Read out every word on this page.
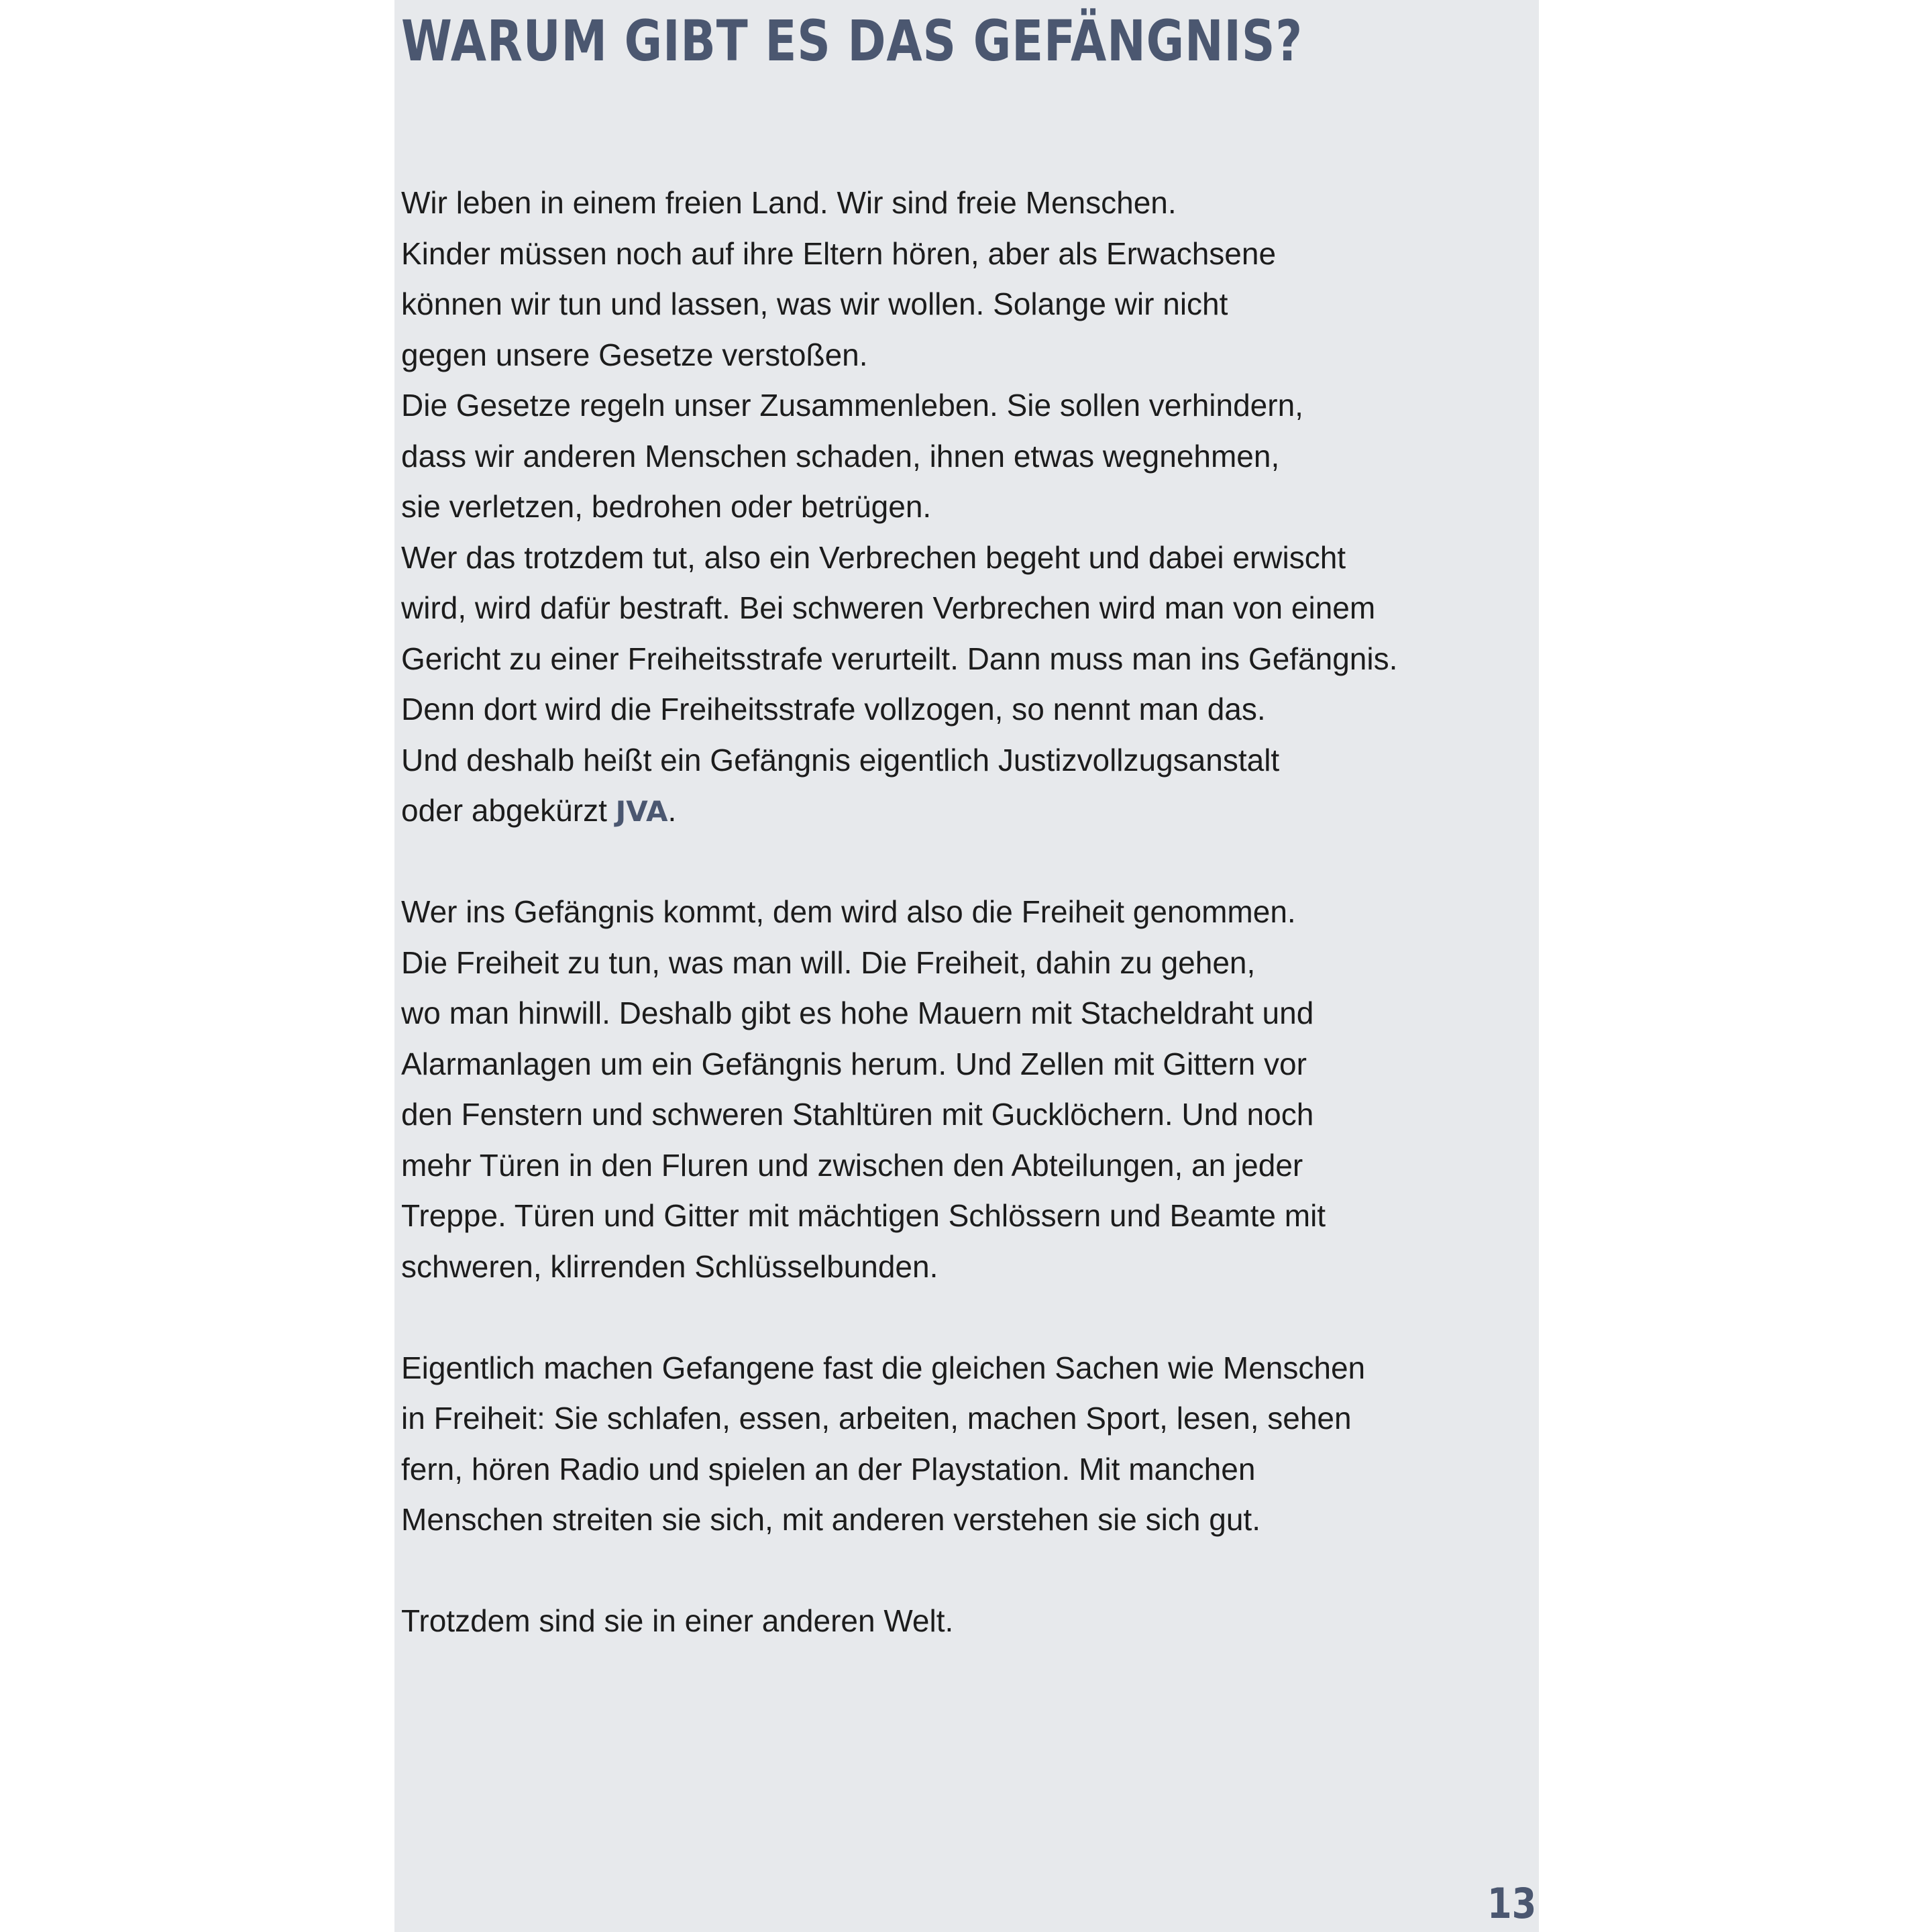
WARUM GIBT ES DAS GEFÄNGNIS?
Wir leben in einem freien Land. Wir sind freie Menschen.
Kinder müssen noch auf ihre Eltern hören, aber als Erwachsene
können wir tun und lassen, was wir wollen. Solange wir nicht
gegen unsere Gesetze verstoßen.
Die Gesetze regeln unser Zusammenleben. Sie sollen verhindern,
dass wir anderen Menschen schaden, ihnen etwas wegnehmen,
sie verletzen, bedrohen oder betrügen.
Wer das trotzdem tut, also ein Verbrechen begeht und dabei erwischt
wird, wird dafür bestraft. Bei schweren Verbrechen wird man von einem
Gericht zu einer Freiheitsstrafe verurteilt. Dann muss man ins Gefängnis.
Denn dort wird die Freiheitsstrafe vollzogen, so nennt man das.
Und deshalb heißt ein Gefängnis eigentlich Justizvollzugsanstalt
oder abgekürzt JVA.
Wer ins Gefängnis kommt, dem wird also die Freiheit genommen.
Die Freiheit zu tun, was man will. Die Freiheit, dahin zu gehen,
wo man hinwill. Deshalb gibt es hohe Mauern mit Stacheldraht und
Alarmanlagen um ein Gefängnis herum. Und Zellen mit Gittern vor
den Fenstern und schweren Stahltüren mit Gucklöchern. Und noch
mehr Türen in den Fluren und zwischen den Abteilungen, an jeder
Treppe. Türen und Gitter mit mächtigen Schlössern und Beamte mit
schweren, klirrenden Schlüsselbunden.
Eigentlich machen Gefangene fast die gleichen Sachen wie Menschen
in Freiheit: Sie schlafen, essen, arbeiten, machen Sport, lesen, sehen
fern, hören Radio und spielen an der Playstation. Mit manchen
Menschen streiten sie sich, mit anderen verstehen sie sich gut.
Trotzdem sind sie in einer anderen Welt.
13
